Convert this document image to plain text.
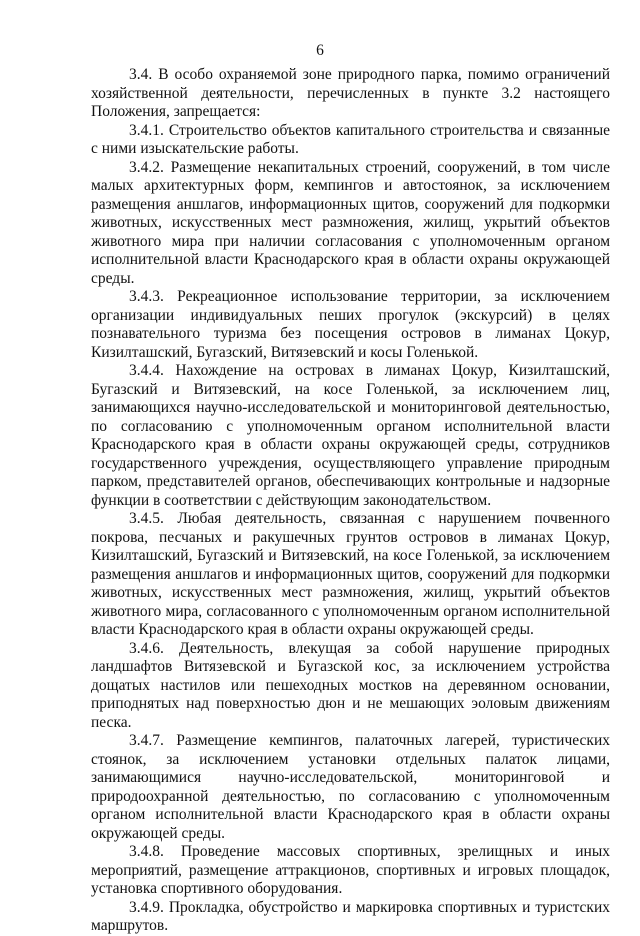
6

3.4. В особо охраняемой зоне природного парка, помимо ограничений хозяйственной деятельности, перечисленных в пункте 3.2 настоящего Положения, запрещается:

3.4.1. Строительство объектов капитального строительства и связанные с ними изыскательские работы.

3.4.2. Размещение некапитальных строений, сооружений, в том числе малых архитектурных форм, кемпингов и автостоянок, за исключением размещения аншлагов, информационных щитов, сооружений для подкормки животных, искусственных мест размножения, жилищ, укрытий объектов животного мира при наличии согласования с уполномоченным органом исполнительной власти Краснодарского края в области охраны окружающей среды.

3.4.3. Рекреационное использование территории, за исключением организации индивидуальных пеших прогулок (экскурсий) в целях познавательного туризма без посещения островов в лиманах Цокур, Кизилташский, Бугазский, Витязевский и косы Голенькой.

3.4.4. Нахождение на островах в лиманах Цокур, Кизилташский, Бугазский и Витязевский, на косе Голенькой, за исключением лиц, занимающихся научно-исследовательской и мониторинговой деятельностью, по согласованию с уполномоченным органом исполнительной власти Краснодарского края в области охраны окружающей среды, сотрудников государственного учреждения, осуществляющего управление природным парком, представителей органов, обеспечивающих контрольные и надзорные функции в соответствии с действующим законодательством.

3.4.5. Любая деятельность, связанная с нарушением почвенного покрова, песчаных и ракушечных грунтов островов в лиманах Цокур, Кизилташский, Бугазский и Витязевский, на косе Голенькой, за исключением размещения аншлагов и информационных щитов, сооружений для подкормки животных, искусственных мест размножения, жилищ, укрытий объектов животного мира, согласованного с уполномоченным органом исполнительной власти Краснодарского края в области охраны окружающей среды.

3.4.6. Деятельность, влекущая за собой нарушение природных ландшафтов Витязевской и Бугазской кос, за исключением устройства дощатых настилов или пешеходных мостков на деревянном основании, приподнятых над поверхностью дюн и не мешающих эоловым движениям песка.

3.4.7. Размещение кемпингов, палаточных лагерей, туристических стоянок, за исключением установки отдельных палаток лицами, занимающимися научно-исследовательской, мониторинговой и природоохранной деятельностью, по согласованию с уполномоченным органом исполнительной власти Краснодарского края в области охраны окружающей среды.

3.4.8. Проведение массовых спортивных, зрелищных и иных мероприятий, размещение аттракционов, спортивных и игровых площадок, установка спортивного оборудования.

3.4.9. Прокладка, обустройство и маркировка спортивных и туристских маршрутов.
